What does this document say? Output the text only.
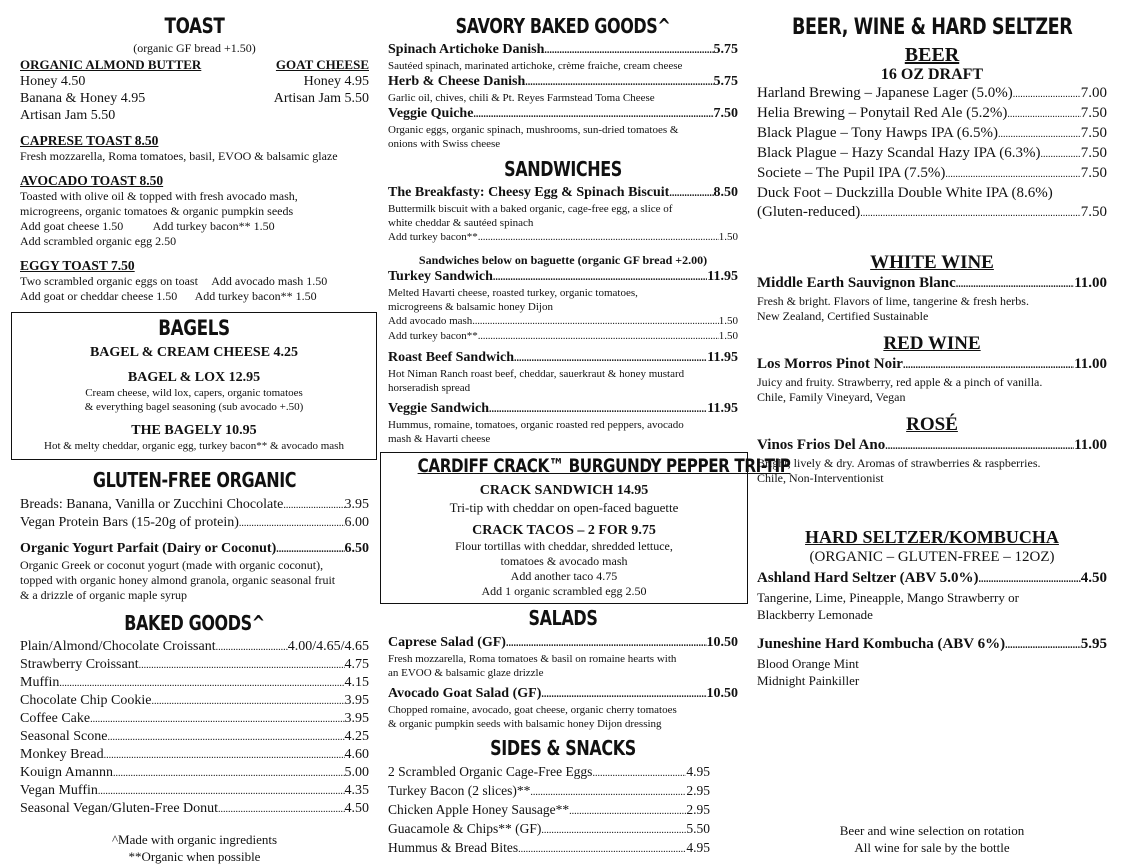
TOAST
(organic GF bread +1.50)
ORGANIC ALMOND BUTTER	GOAT CHEESE
Honey 4.50	Honey 4.95
Banana & Honey 4.95	Artisan Jam 5.50
Artisan Jam 5.50
CAPRESE TOAST 8.50
Fresh mozzarella, Roma tomatoes, basil, EVOO & balsamic glaze
AVOCADO TOAST 8.50
Toasted with olive oil & topped with fresh avocado mash,
microgreens, organic tomatoes & organic pumpkin seeds
Add goat cheese 1.50 Add turkey bacon** 1.50
Add scrambled organic egg 2.50
EGGY TOAST 7.50
Two scrambled organic eggs on toast Add avocado mash 1.50
Add goat or cheddar cheese 1.50 Add turkey bacon** 1.50
BAGELS
BAGEL & CREAM CHEESE 4.25
BAGEL & LOX 12.95
Cream cheese, wild lox, capers, organic tomatoes
& everything bagel seasoning (sub avocado +.50)
THE BAGELY 10.95
Hot & melty cheddar, organic egg, turkey bacon** & avocado mash
GLUTEN-FREE ORGANIC
Breads: Banana, Vanilla or Zucchini Chocolate .....	3.95
Vegan Protein Bars (15-20g of protein) .....	6.00
Organic Yogurt Parfait (Dairy or Coconut) .....	6.50
Organic Greek or coconut yogurt (made with organic coconut),
topped with organic honey almond granola, organic seasonal fruit
& a drizzle of organic maple syrup
BAKED GOODS^
Plain/Almond/Chocolate Croissant .....	4.00/4.65/4.65
Strawberry Croissant .....	4.75
Muffin .....	4.15
Chocolate Chip Cookie .....	3.95
Coffee Cake .....	3.95
Seasonal Scone .....	4.25
Monkey Bread .....	4.60
Kouign Amannn .....	5.00
Vegan Muffin .....	4.35
Seasonal Vegan/Gluten-Free Donut .....	4.50
^Made with organic ingredients
**Organic when possible
SAVORY BAKED GOODS^
Spinach Artichoke Danish .....	5.75
Sautéed spinach, marinated artichoke, crème fraiche, cream cheese
Herb & Cheese Danish .....	5.75
Garlic oil, chives, chili & Pt. Reyes Farmstead Toma Cheese
Veggie Quiche .....	7.50
Organic eggs, organic spinach, mushrooms, sun-dried tomatoes &
onions with Swiss cheese
SANDWICHES
The Breakfasty: Cheesy Egg & Spinach Biscuit .....	8.50
Buttermilk biscuit with a baked organic, cage-free egg, a slice of
white cheddar & sautéed spinach
Add turkey bacon** .....	1.50
Sandwiches below on baguette (organic GF bread +2.00)
Turkey Sandwich .....	11.95
Melted Havarti cheese, roasted turkey, organic tomatoes,
microgreens & balsamic honey Dijon
Add avocado mash .....	1.50
Add turkey bacon** .....	1.50
Roast Beef Sandwich .....	11.95
Hot Niman Ranch roast beef, cheddar, sauerkraut & honey mustard
horseradish spread
Veggie Sandwich .....	11.95
Hummus, romaine, tomatoes, organic roasted red peppers, avocado
mash & Havarti cheese
CARDIFF CRACK™ BURGUNDY PEPPER TRI-TIP
CRACK SANDWICH 14.95
Tri-tip with cheddar on open-faced baguette
CRACK TACOS – 2 FOR 9.75
Flour tortillas with cheddar, shredded lettuce,
tomatoes & avocado mash
Add another taco 4.75
Add 1 organic scrambled egg 2.50
SALADS
Caprese Salad (GF) .....	10.50
Fresh mozzarella, Roma tomatoes & basil on romaine hearts with
an EVOO & balsamic glaze drizzle
Avocado Goat Salad (GF) .....	10.50
Chopped romaine, avocado, goat cheese, organic cherry tomatoes
& organic pumpkin seeds with balsamic honey Dijon dressing
SIDES & SNACKS
2 Scrambled Organic Cage-Free Eggs .....	4.95
Turkey Bacon (2 slices)** .....	2.95
Chicken Apple Honey Sausage** .....	2.95
Guacamole & Chips** (GF) .....	5.50
Hummus & Bread Bites .....	4.95
BEER, WINE & HARD SELTZER
BEER
16 OZ DRAFT
Harland Brewing – Japanese Lager (5.0%) .....	7.00
Helia Brewing – Ponytail Red Ale (5.2%) .....	7.50
Black Plague – Tony Hawps IPA (6.5%) .....	7.50
Black Plague – Hazy Scandal Hazy IPA (6.3%) .....	7.50
Societe – The Pupil IPA (7.5%) .....	7.50
Duck Foot – Duckzilla Double White IPA (8.6%)
(Gluten-reduced) .....	7.50
WHITE WINE
Middle Earth Sauvignon Blanc .....	11.00
Fresh & bright. Flavors of lime, tangerine & fresh herbs.
New Zealand, Certified Sustainable
RED WINE
Los Morros Pinot Noir .....	11.00
Juicy and fruity. Strawberry, red apple & a pinch of vanilla.
Chile, Family Vineyard, Vegan
ROSÉ
Vinos Frios Del Ano .....	11.00
Bright, lively & dry. Aromas of strawberries & raspberries.
Chile, Non-Interventionist
HARD SELTZER/KOMBUCHA
(ORGANIC – GLUTEN-FREE – 12OZ)
Ashland Hard Seltzer (ABV 5.0%) .....	4.50
Tangerine, Lime, Pineapple, Mango Strawberry or
Blackberry Lemonade
Juneshine Hard Kombucha (ABV 6%) .....	5.95
Blood Orange Mint
Midnight Painkiller
Beer and wine selection on rotation
All wine for sale by the bottle
